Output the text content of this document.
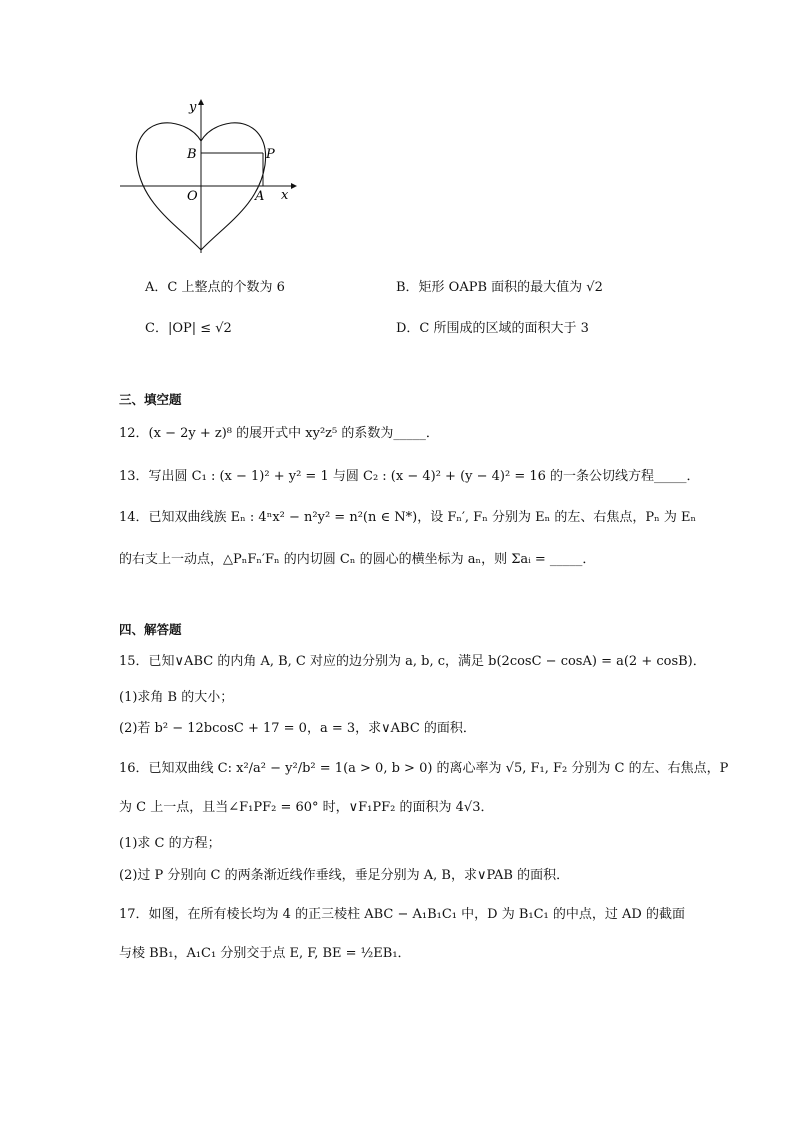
y
B	P
O	A x
A．C 上整点的个数为 6	B．矩形 OAPB 面积的最大值为 √2
C．|OP| ≤ √2	D．C 所围成的区域的面积大于 3
三、填空题
12．(x − 2y + z)⁸ 的展开式中 xy²z⁵ 的系数为_____．
13．写出圆 C₁ : (x − 1)² + y² = 1 与圆 C₂ : (x − 4)² + (y − 4)² = 16 的一条公切线方程_____．
14．已知双曲线族 Eₙ : 4ⁿx² − n²y² = n²(n ∈ N*)，设 Fₙ′, Fₙ 分别为 Eₙ 的左、右焦点，Pₙ 为 Eₙ
的右支上一动点，△PₙFₙ′Fₙ 的内切圆 Cₙ 的圆心的横坐标为 aₙ，则 Σaᵢ = _____．
四、解答题
15．已知∨ABC 的内角 A, B, C 对应的边分别为 a, b, c，满足 b(2cosC − cosA) = a(2 + cosB)．
(1)求角 B 的大小；
(2)若 b² − 12bcosC + 17 = 0，a = 3，求∨ABC 的面积．
16．已知双曲线 C: x²/a² − y²/b² = 1(a > 0, b > 0) 的离心率为 √5, F₁, F₂ 分别为 C 的左、右焦点，P
为 C 上一点，且当∠F₁PF₂ = 60° 时，∨F₁PF₂ 的面积为 4√3．
(1)求 C 的方程；
(2)过 P 分别向 C 的两条渐近线作垂线，垂足分别为 A, B，求∨PAB 的面积．
17．如图，在所有棱长均为 4 的正三棱柱 ABC − A₁B₁C₁ 中，D 为 B₁C₁ 的中点，过 AD 的截面
与棱 BB₁，A₁C₁ 分别交于点 E, F, BE = ½EB₁．
